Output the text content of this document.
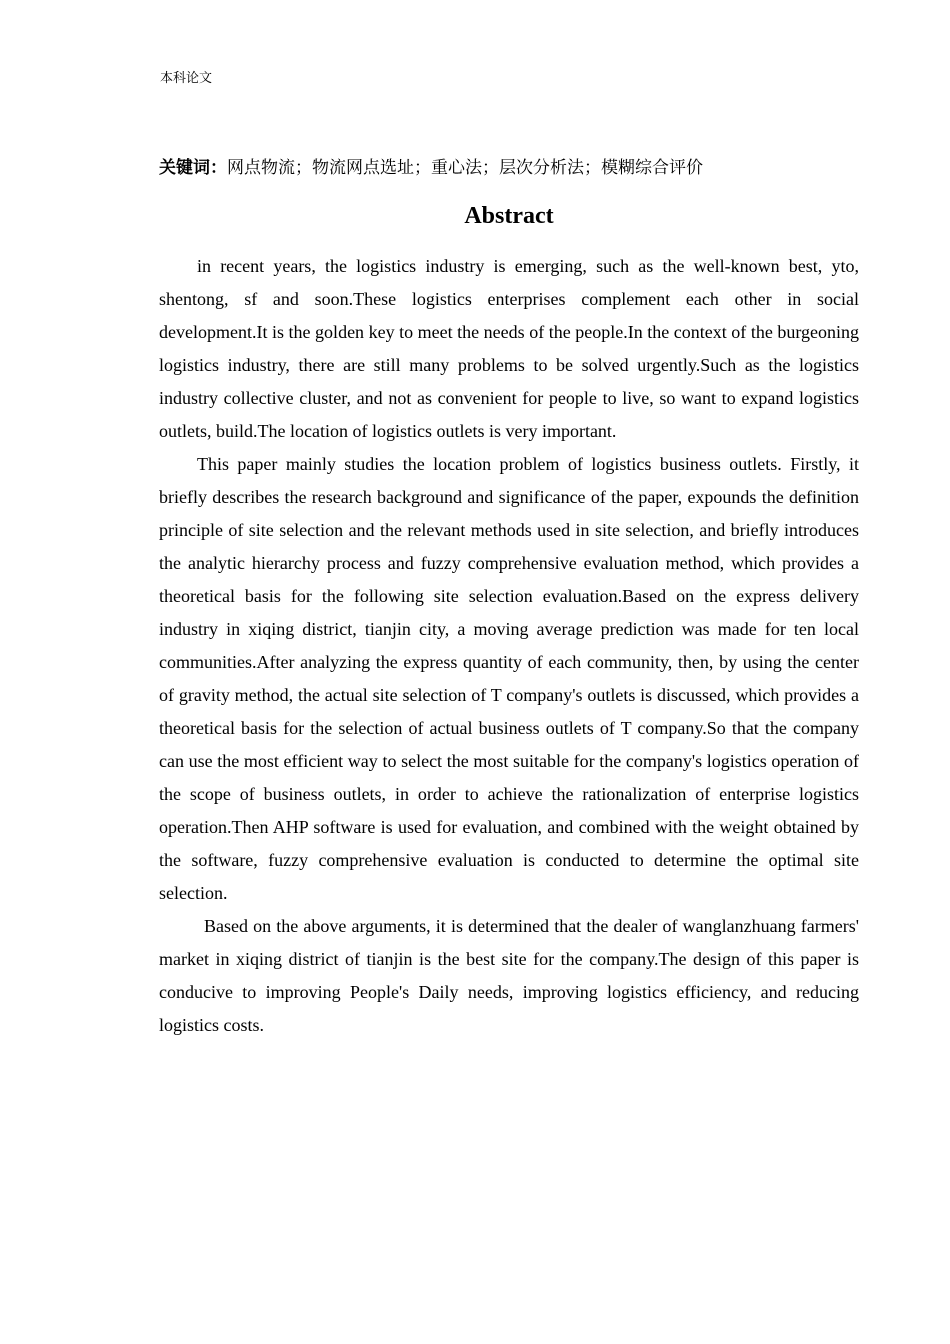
本科论文
关键词：网点物流；物流网点选址；重心法；层次分析法；模糊综合评价
Abstract

in recent years, the logistics industry is emerging, such as the well-known best, yto, shentong, sf and soon.These logistics enterprises complement each other in social development.It is the golden key to meet the needs of the people.In the context of the burgeoning logistics industry, there are still many problems to be solved urgently.Such as the logistics industry collective cluster, and not as convenient for people to live, so want to expand logistics outlets, build.The location of logistics outlets is very important.

This paper mainly studies the location problem of logistics business outlets. Firstly, it briefly describes the research background and significance of the paper, expounds the definition principle of site selection and the relevant methods used in site selection, and briefly introduces the analytic hierarchy process and fuzzy comprehensive evaluation method, which provides a theoretical basis for the following site selection evaluation.Based on the express delivery industry in xiqing district, tianjin city, a moving average prediction was made for ten local communities.After analyzing the express quantity of each community, then, by using the center of gravity method, the actual site selection of T company's outlets is discussed, which provides a theoretical basis for the selection of actual business outlets of T company.So that the company can use the most efficient way to select the most suitable for the company's logistics operation of the scope of business outlets, in order to achieve the rationalization of enterprise logistics operation.Then AHP software is used for evaluation, and combined with the weight obtained by the software, fuzzy comprehensive evaluation is conducted to determine the optimal site selection.

Based on the above arguments, it is determined that the dealer of wanglanzhuang farmers' market in xiqing district of tianjin is the best site for the company.The design of this paper is conducive to improving People's Daily needs, improving logistics efficiency, and reducing logistics costs.
